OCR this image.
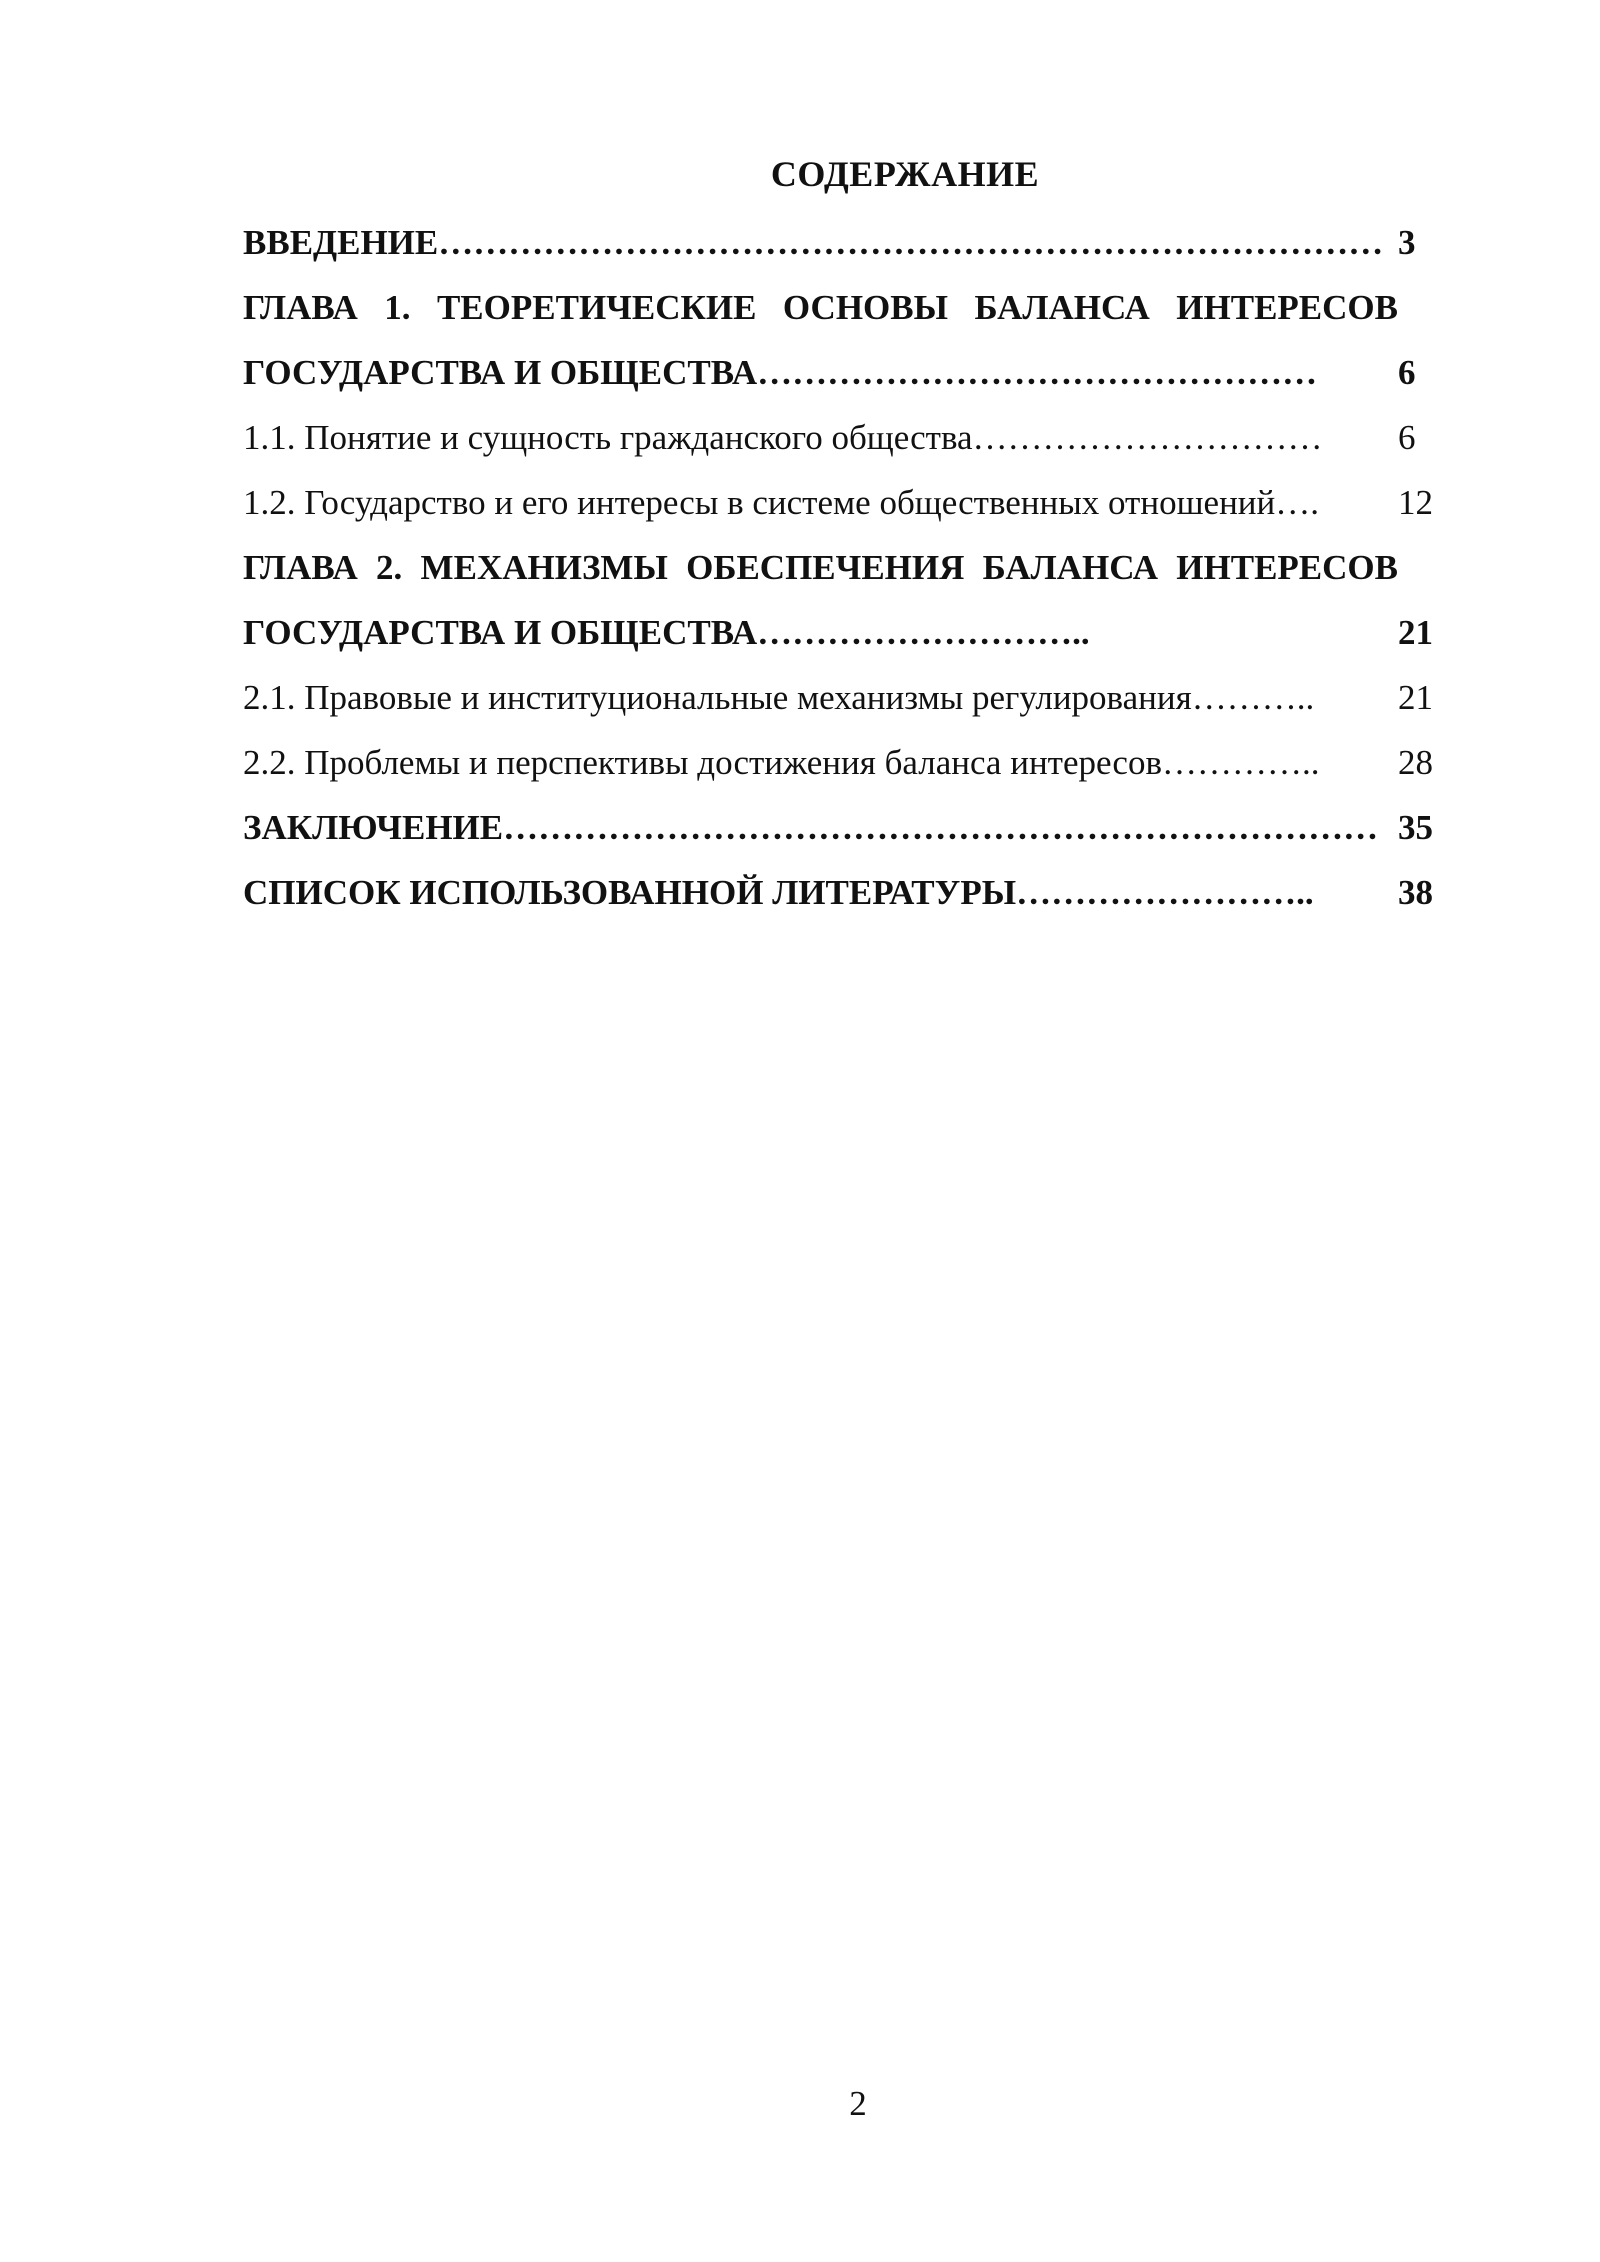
СОДЕРЖАНИЕ
ВВЕДЕНИЕ……………………………………………………………………… 3
ГЛАВА 1. ТЕОРЕТИЧЕСКИЕ ОСНОВЫ БАЛАНСА ИНТЕРЕСОВ ГОСУДАРСТВА И ОБЩЕСТВА…………………………………………	6
1.1. Понятие и сущность гражданского общества…………………………	6
1.2. Государство и его интересы в системе общественных отношений….	12
ГЛАВА 2. МЕХАНИЗМЫ ОБЕСПЕЧЕНИЯ БАЛАНСА ИНТЕРЕСОВ ГОСУДАРСТВА И ОБЩЕСТВА………………………..	21
2.1. Правовые и институциональные механизмы регулирования………..	21
2.2. Проблемы и перспективы достижения баланса интересов…………..	28
ЗАКЛЮЧЕНИЕ………………………………………………………………… 35
СПИСОК ИСПОЛЬЗОВАННОЙ ЛИТЕРАТУРЫ……………………..	38
2
